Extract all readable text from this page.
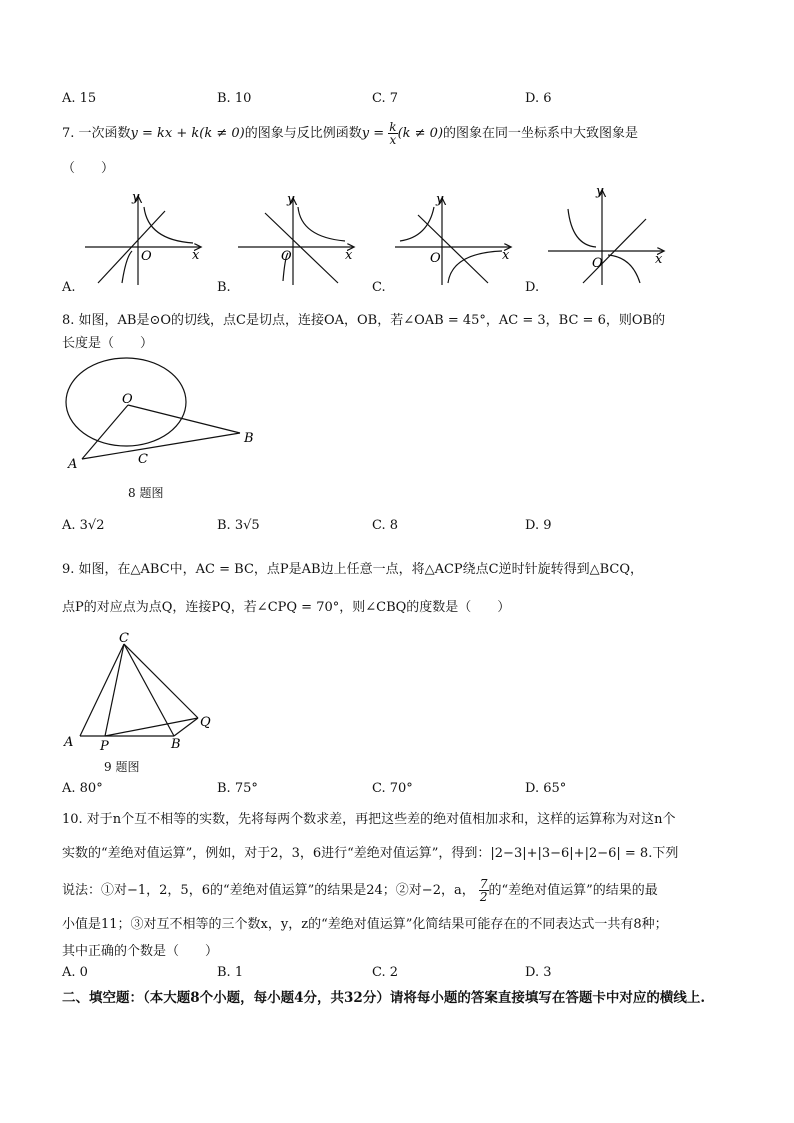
A. 15	B. 10	C. 7	D. 6
7. 一次函数y = kx + k(k ≠ 0)的图象与反比例函数$y = \frac{k}{x} (k \ne 0)$的图象在同一坐标系中大致图象是
（　　）
y
x
O
y
x
O
y
x
O
y
x
O
A.	B.	C.	D.
8. 如图，AB是⊙O的切线，点C是切点，连接OA，OB，若∠OAB = 45°，AC = 3，BC = 6，则OB的
长度是（　　）
O
A
B
C
8 题图
A. 3√2	B. 3√5	C. 8	D. 9
9. 如图，在△ABC中，AC = BC，点P是AB边上任意一点，将△ACP绕点C逆时针旋转得到△BCQ，
点P的对应点为点Q，连接PQ，若∠CPQ = 70°，则∠CBQ的度数是（　　）
C
A P	B
Q
9 题图
A. 80°	B. 75°	C. 70°	D. 65°
10. 对于n个互不相等的实数，先将每两个数求差，再把这些差的绝对值相加求和，这样的运算称为对这n个
实数的“差绝对值运算”，例如，对于2，3，6进行“差绝对值运算”，得到：|2−3|+|3−6|+|2−6| = 8.下列
说法：①对−1，2，5，6的“差绝对值运算”的结果是24；②对−2，a， $\frac{7}{2}$ 的“差绝对值运算”的结果的最
小值是11；③对互不相等的三个数x，y，z的“差绝对值运算”化简结果可能存在的不同表达式一共有8种；
其中正确的个数是（　　）
A. 0	B. 1	C. 2	D. 3
二、填空题：（本大题8个小题，每小题4分，共32分）请将每小题的答案直接填写在答题卡中对应的横线上.
